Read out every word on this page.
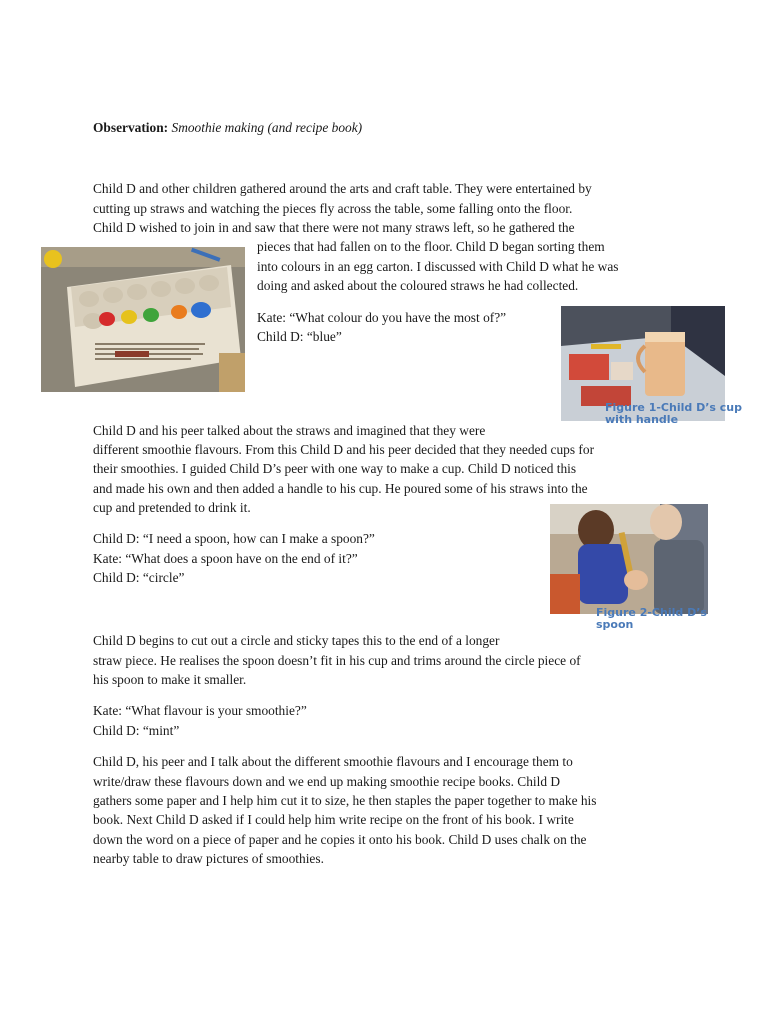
Observation: Smoothie making (and recipe book)
Child D and other children gathered around the arts and craft table. They were entertained by
cutting up straws and watching the pieces fly across the table, some falling onto the floor.
Child D wished to join in and saw that there were not many straws left, so he gathered the
pieces that had fallen on to the floor. Child D began sorting them
into colours in an egg carton. I discussed with Child D what he was
doing and asked about the coloured straws he had collected.
Kate: “What colour do you have the most of?”
Child D: “blue”
Figure 1-Child D’s cup
with handle
Child D and his peer talked about the straws and imagined that they were
different smoothie flavours. From this Child D and his peer decided that they needed cups for
their smoothies. I guided Child D’s peer with one way to make a cup. Child D noticed this
and made his own and then added a handle to his cup. He poured some of his straws into the
cup and pretended to drink it.
Child D: “I need a spoon, how can I make a spoon?”
Kate: “What does a spoon have on the end of it?”
Child D: “circle”
Figure 2-Child D’s
spoon
Child D begins to cut out a circle and sticky tapes this to the end of a longer
straw piece. He realises the spoon doesn’t fit in his cup and trims around the circle piece of
his spoon to make it smaller.
Kate: “What flavour is your smoothie?”
Child D: “mint”
Child D, his peer and I talk about the different smoothie flavours and I encourage them to
write/draw these flavours down and we end up making smoothie recipe books. Child D
gathers some paper and I help him cut it to size, he then staples the paper together to make his
book. Next Child D asked if I could help him write recipe on the front of his book. I write
down the word on a piece of paper and he copies it onto his book. Child D uses chalk on the
nearby table to draw pictures of smoothies.
